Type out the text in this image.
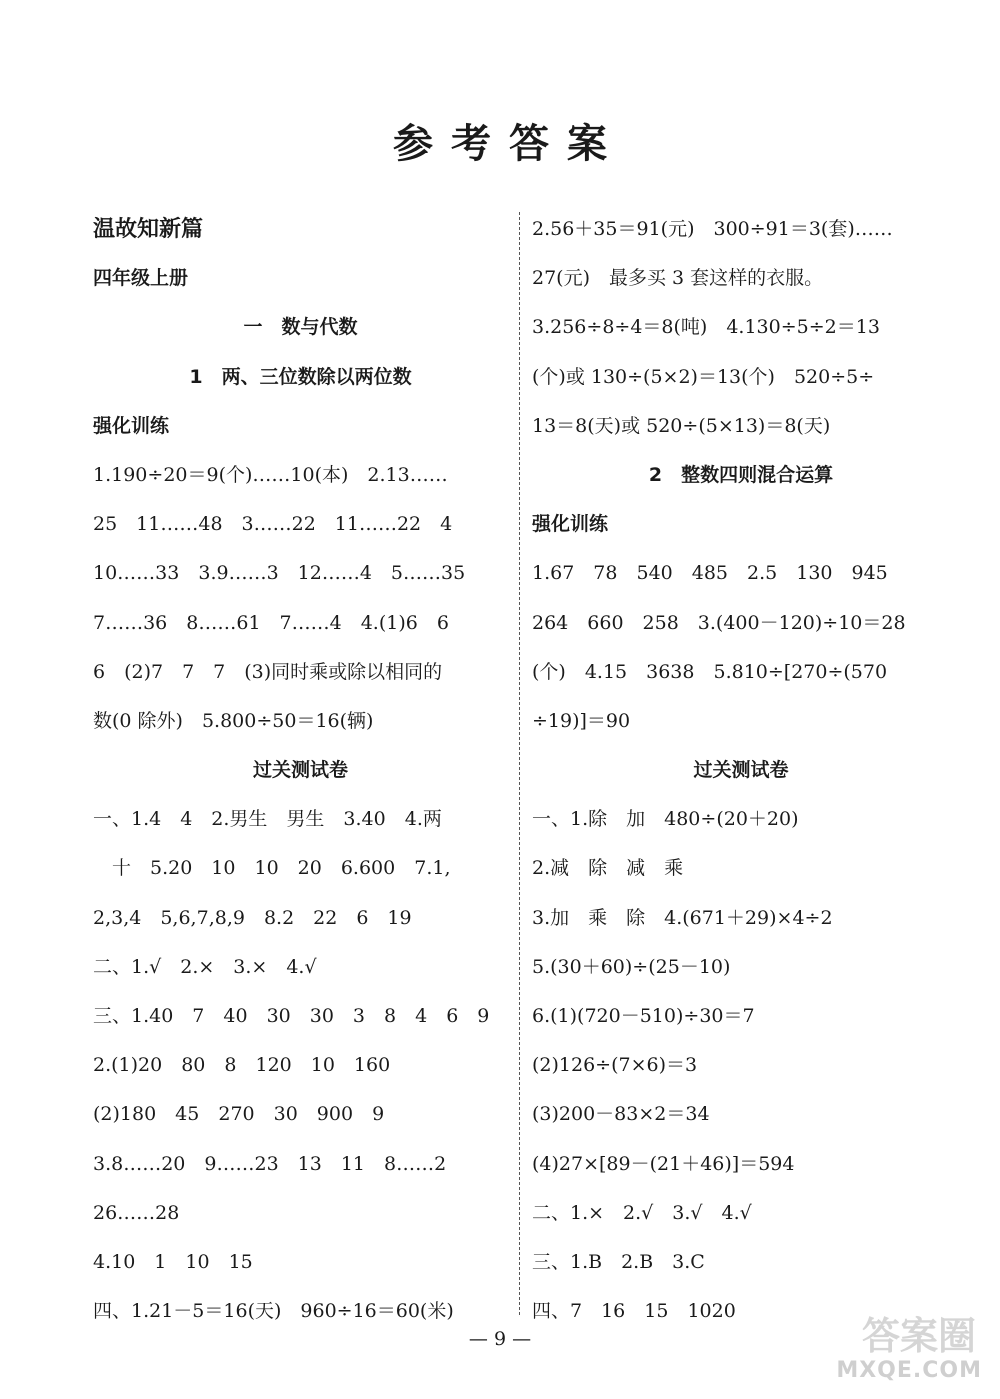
参考答案
温故知新篇
四年级上册
一　数与代数
1　两、三位数除以两位数
强化训练
1.190÷20＝9(个)……10(本)　2.13……
25　11……48　3……22　11……22　4
10……33　3.9……3　12……4　5……35
7……36　8……61　7……4　4.(1)6　6
6　(2)7　7　7　(3)同时乘或除以相同的
数(0 除外)　5.800÷50＝16(辆)
过关测试卷
一、1.4　4　2.男生　男生　3.40　4.两
　十　5.20　10　10　20　6.600　7.1,
2,3,4　5,6,7,8,9　8.2　22　6　19
二、1.√　2.×　3.×　4.√
三、1.40　7　40　30　30　3　8　4　6　9
2.(1)20　80　8　120　10　160
(2)180　45　270　30　900　9
3.8……20　9……23　13　11　8……2
26……28
4.10　1　10　15
四、1.21－5＝16(天)　960÷16＝60(米)
2.56＋35＝91(元)　300÷91＝3(套)……
27(元)　最多买 3 套这样的衣服。
3.256÷8÷4＝8(吨)　4.130÷5÷2＝13
(个)或 130÷(5×2)＝13(个)　520÷5÷
13＝8(天)或 520÷(5×13)＝8(天)
2　整数四则混合运算
强化训练
1.67　78　540　485　2.5　130　945
264　660　258　3.(400－120)÷10＝28
(个)　4.15　3638　5.810÷[270÷(570
÷19)]＝90
过关测试卷
一、1.除　加　480÷(20＋20)
2.减　除　减　乘
3.加　乘　除　4.(671＋29)×4÷2
5.(30＋60)÷(25－10)
6.(1)(720－510)÷30＝7
(2)126÷(7×6)＝3
(3)200－83×2＝34
(4)27×[89－(21＋46)]＝594
二、1.×　2.√　3.√　4.√
三、1.B　2.B　3.C
四、7　16　15　1020
— 9 —	答案圈
MXQE.COM
